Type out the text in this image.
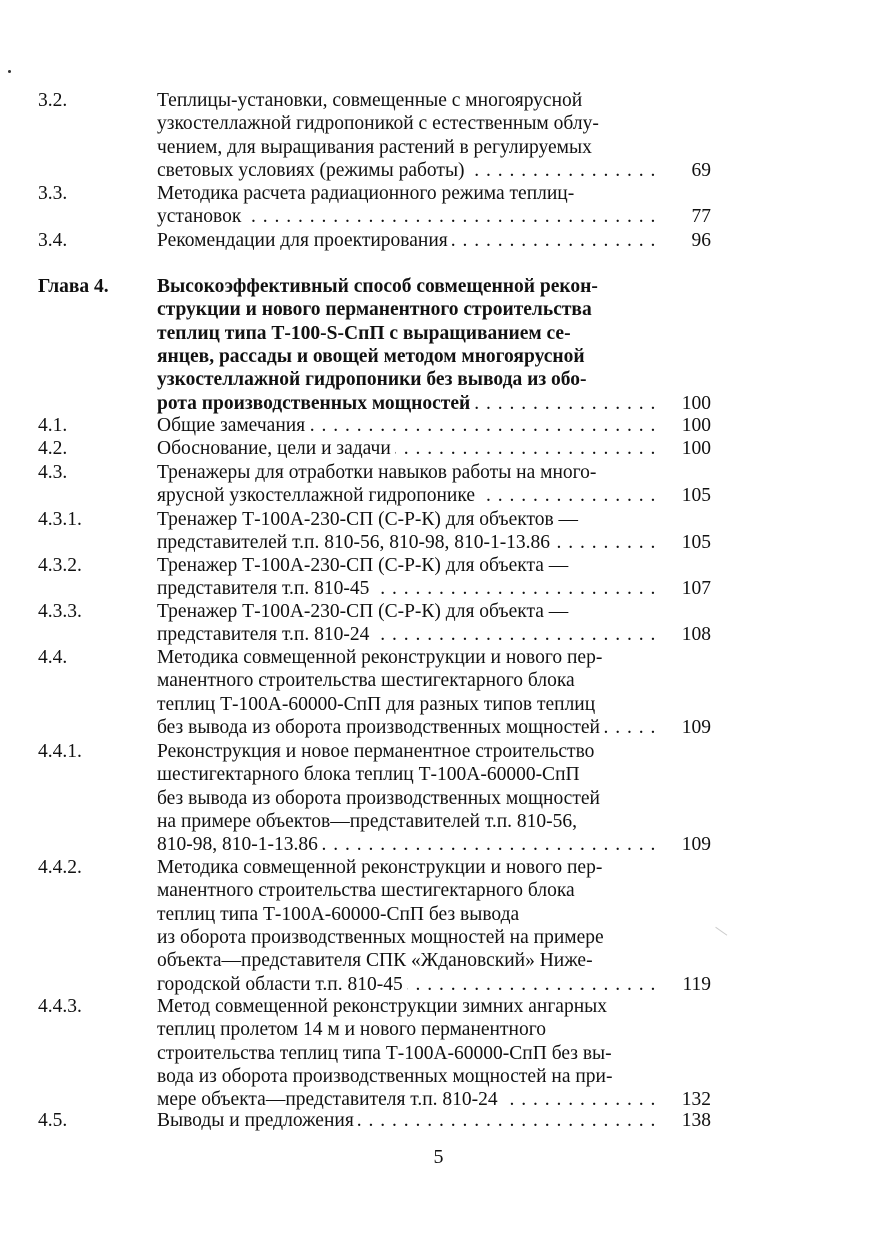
3.2.	Теплицы-установки, совмещенные с многоярусной
узкостеллажной гидропоникой с естественным облу-
чением, для выращивания растений в регулируемых
световых условиях (режимы работы) . . .	69
3.3.	Методика расчета радиационного режима теплиц-
установок . . .	77
3.4.	Рекомендации для проектирования . . .	96
Глава 4. Высокоэффективный способ совмещенной рекон-
струкции и нового перманентного строительства
теплиц типа Т-100-S-СпП с выращиванием се-
янцев, рассады и овощей методом многоярусной
узкостеллажной гидропоники без вывода из обо-
рота производственных мощностей . . .	100
4.1.	Общие замечания . . .	100
4.2.	Обоснование, цели и задачи . . .	100
4.3.	Тренажеры для отработки навыков работы на много-
ярусной узкостеллажной гидропонике . . .	105
4.3.1.	Тренажер Т-100А-230-СП (С-Р-К) для объектов —
представителей т.п. 810-56, 810-98, 810-1-13.86 . . .	105
4.3.2.	Тренажер Т-100А-230-СП (С-Р-К) для объекта —
представителя т.п. 810-45 . . .	107
4.3.3.	Тренажер Т-100А-230-СП (С-Р-К) для объекта —
представителя т.п. 810-24 . . .	108
4.4.	Методика совмещенной реконструкции и нового пер-
манентного строительства шестигектарного блока
теплиц Т-100А-60000-СпП для разных типов теплиц
без вывода из оборота производственных мощностей . . .	109
4.4.1.	Реконструкция и новое перманентное строительство
шестигектарного блока теплиц Т-100А-60000-СпП
без вывода из оборота производственных мощностей
на примере объектов—представителей т.п. 810-56,
810-98, 810-1-13.86 . . .	109
4.4.2.	Методика совмещенной реконструкции и нового пер-
манентного строительства шестигектарного блока
теплиц типа Т-100А-60000-СпП без вывода
из оборота производственных мощностей на примере
объекта—представителя СПК «Ждановский» Ниже-
городской области т.п. 810-45 . . .	119
4.4.3.	Метод совмещенной реконструкции зимних ангарных
теплиц пролетом 14 м и нового перманентного
строительства теплиц типа Т-100А-60000-СпП без вы-
вода из оборота производственных мощностей на при-
мере объекта—представителя т.п. 810-24 . . .	132
4.5.	Выводы и предложения . . .	138
5
